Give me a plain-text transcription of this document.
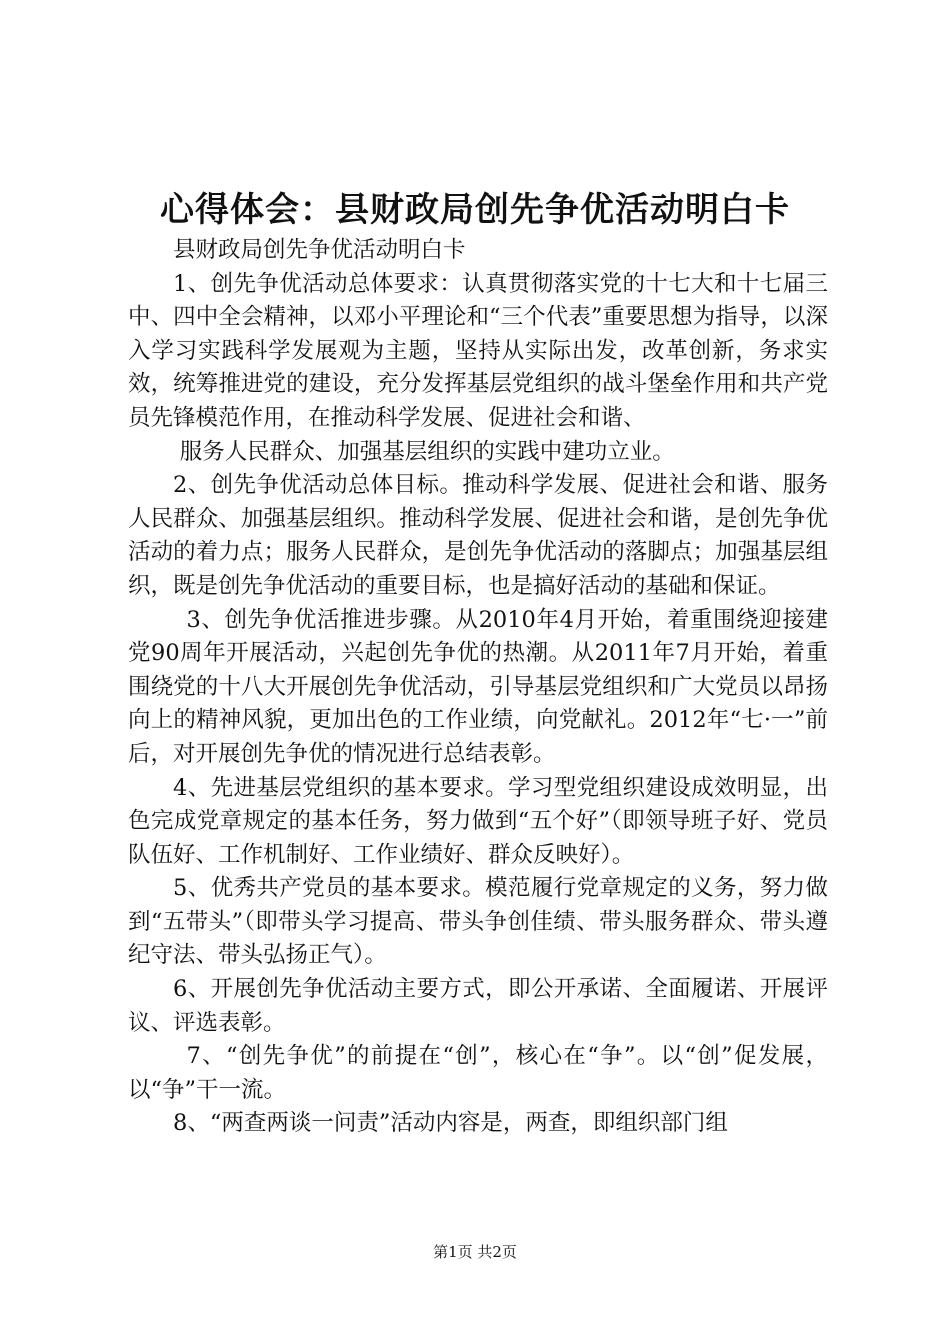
心得体会：县财政局创先争优活动明白卡

县财政局创先争优活动明白卡

1、创先争优活动总体要求：认真贯彻落实党的十七大和十七届三中、四中全会精神，以邓小平理论和“三个代表”重要思想为指导，以深入学习实践科学发展观为主题，坚持从实际出发，改革创新，务求实效，统筹推进党的建设，充分发挥基层党组织的战斗堡垒作用和共产党员先锋模范作用，在推动科学发展、促进社会和谐、

服务人民群众、加强基层组织的实践中建功立业。

2、创先争优活动总体目标。推动科学发展、促进社会和谐、服务人民群众、加强基层组织。推动科学发展、促进社会和谐，是创先争优活动的着力点；服务人民群众，是创先争优活动的落脚点；加强基层组织，既是创先争优活动的重要目标，也是搞好活动的基础和保证。

3、创先争优活推进步骤。从2010年4月开始，着重围绕迎接建党90周年开展活动，兴起创先争优的热潮。从2011年7月开始，着重围绕党的十八大开展创先争优活动，引导基层党组织和广大党员以昂扬向上的精神风貌，更加出色的工作业绩，向党献礼。2012年“七·一”前后，对开展创先争优的情况进行总结表彰。

4、先进基层党组织的基本要求。学习型党组织建设成效明显，出色完成党章规定的基本任务，努力做到“五个好”（即领导班子好、党员队伍好、工作机制好、工作业绩好、群众反映好）。

5、优秀共产党员的基本要求。模范履行党章规定的义务，努力做到“五带头”（即带头学习提高、带头争创佳绩、带头服务群众、带头遵纪守法、带头弘扬正气）。

6、开展创先争优活动主要方式，即公开承诺、全面履诺、开展评议、评选表彰。

7、“创先争优”的前提在“创”，核心在“争”。以“创”促发展，以“争”干一流。

8、“两查两谈一问责”活动内容是，两查，即组织部门组

第1页 共2页
